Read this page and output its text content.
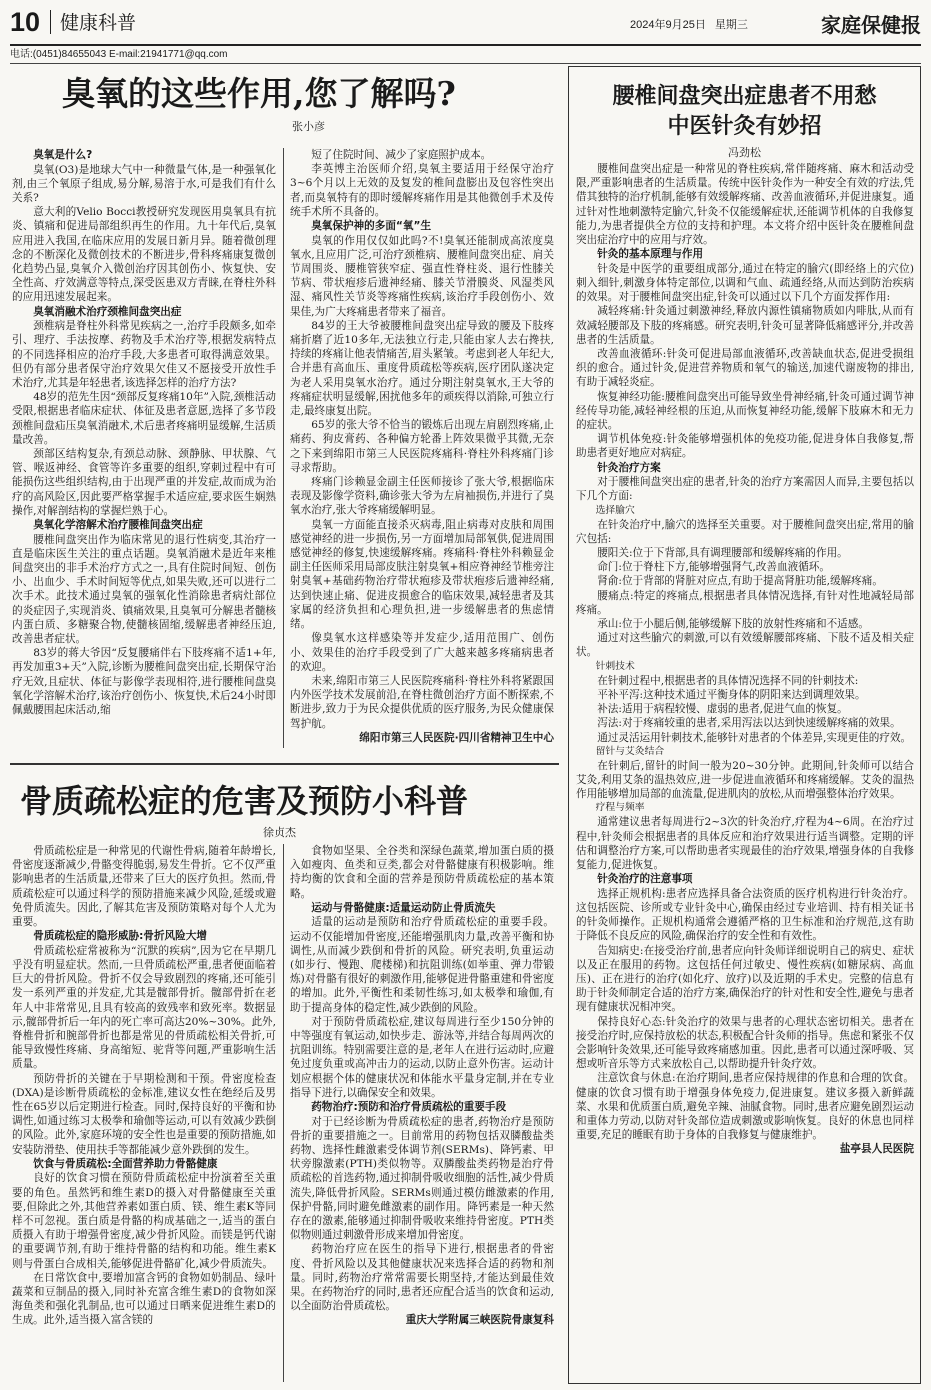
10 健康科普	2024年9月25日 星期三	家庭保健报
电话:(0451)84655043 E-mail:21941771@qq.com
臭氧的这些作用,您了解吗?
张小彦
臭氧是什么?
臭氧(O3)是地球大气中一种微量气体,是一种强氧化剂,由三个氧原子组成,易分解,易溶于水,可是我们有什么关系?
意大利的Velio Bocci教授研究发现医用臭氧具有抗炎、镇痛和促进局部组织再生的作用。九十年代后,臭氧应用进入我国,在临床应用的发展日新月异。随着微创理念的不断深化及微创技术的不断进步,骨科疼痛康复微创化趋势凸显,臭氧介入微创治疗因其创伤小、恢复快、安全性高、疗效满意等特点,深受医患双方青睐,在脊柱外科的应用迅速发展起来。
臭氧消融术治疗颈椎间盘突出症
颈椎病是脊柱外科常见疾病之一,治疗手段颇多,如牵引、理疗、手法按摩、药物及手术治疗等,根据发病特点的不同选择相应的治疗手段,大多患者可取得满意效果。但仍有部分患者保守治疗效果欠佳又不愿接受开放性手术治疗,尤其是年轻患者,该选择怎样的治疗方法?
48岁的范先生因“颈部反复疼痛10年”入院,颈椎活动受限,根据患者临床症状、体征及患者意愿,选择了多节段颈椎间盘疝压臭氧消融术,术后患者疼痛明显缓解,生活质量改善。
颈部区结构复杂,有颈总动脉、颈静脉、甲状腺、气管、喉返神经、食管等许多重要的组织,穿刺过程中有可能损伤这些组织结构,由于出现严重的并发症,故而成为治疗的高风险区,因此要严格掌握手术适应症,要求医生娴熟操作,对解剖结构的掌握烂熟于心。
臭氧化学溶解术治疗腰椎间盘突出症
腰椎间盘突出作为临床常见的退行性病变,其治疗一直是临床医生关注的重点话题。臭氧消融术是近年来椎间盘突出的非手术治疗方式之一,具有住院时间短、创伤小、出血少、手术时间短等优点,如果失败,还可以进行二次手术。此技术通过臭氧的强氧化性消除患者病灶部位的炎症因子,实现消炎、镇痛效果,且臭氧可分解患者髓核内蛋白质、多糖聚合物,使髓核固缩,缓解患者神经压迫,改善患者症状。
83岁的蒋大爷因“反复腰痛伴右下肢疼痛不适1+年,再发加重3+天”入院,诊断为腰椎间盘突出症,长期保守治疗无效,且症状、体征与影像学表现相符,进行腰椎间盘臭氧化学溶解术治疗,该治疗创伤小、恢复快,术后24小时即佩戴腰围起床活动,缩
短了住院时间、减少了家庭照护成本。
李英博主治医师介绍,臭氧主要适用于经保守治疗3~6个月以上无效的及复发的椎间盘膨出及包容性突出者,而臭氧特有的即时缓解疼痛作用是其他微创手术及传统手术所不具备的。
臭氧保护神的多面“氧”生
臭氧的作用仅仅如此吗?不!臭氧还能制成高浓度臭氧水,且应用广泛,可治疗颈椎病、腰椎间盘突出症、肩关节周围炎、腰椎管狭窄症、强直性脊柱炎、退行性膝关节病、带状疱疹后遗神经痛、膝关节滑膜炎、风湿类风湿、痛风性关节炎等疼痛性疾病,该治疗手段创伤小、效果佳,为广大疼痛患者带来了福音。
84岁的王大爷被腰椎间盘突出症导致的腰及下肢疼痛折磨了近10多年,无法独立行走,只能由家人去右搀扶,持续的疼痛让他表情痛苦,眉头紧皱。考虑到老人年纪大,合并患有高血压、重度骨质疏松等疾病,医疗团队遂决定为老人采用臭氧水治疗。通过分期注射臭氧水,王大爷的疼痛症状明显缓解,困扰他多年的顽疾得以消除,可独立行走,最终康复出院。
65岁的张大爷不恰当的锻炼后出现左肩剧烈疼痛,止痛药、狗皮膏药、各种偏方轮番上阵效果微乎其微,无奈之下来到绵阳市第三人民医院疼痛科·脊柱外科疼痛门诊寻求帮助。
疼痛门诊赖显金副主任医师接诊了张大爷,根据临床表现及影像学资料,确诊张大爷为左肩袖损伤,并进行了臭氧水治疗,张大爷疼痛缓解明显。
臭氧一方面能直接杀灭病毒,阻止病毒对皮肤和周围感觉神经的进一步损伤,另一方面增加局部氧供,促进周围感觉神经的修复,快速缓解疼痛。疼痛科·脊柱外科赖显金副主任医师采用局部皮肤注射臭氧+相应脊神经节椎旁注射臭氧+基础药物治疗带状疱疹及带状疱疹后遗神经痛,达到快速止痛、促进皮损愈合的临床效果,减轻患者及其家属的经济负担和心理负担,进一步缓解患者的焦虑情绪。
像臭氧水这样感染等并发症少,适用范围广、创伤小、效果佳的治疗手段受到了广大越来越多疼痛病患者的欢迎。
未来,绵阳市第三人民医院疼痛科·脊柱外科将紧跟国内外医学技术发展前沿,在脊柱微创治疗方面不断探索,不断进步,致力于为民众提供优质的医疗服务,为民众健康保驾护航。
绵阳市第三人民医院·四川省精神卫生中心
骨质疏松症的危害及预防小科普
徐贞杰
骨质疏松症是一种常见的代谢性骨病,随着年龄增长,骨密度逐渐减少,骨骼变得脆弱,易发生骨折。它不仅严重影响患者的生活质量,还带来了巨大的医疗负担。然而,骨质疏松症可以通过科学的预防措施来减少风险,延缓或避免骨质流失。因此,了解其危害及预防策略对每个人尤为重要。
骨质疏松症的隐形威胁:骨折风险大增
骨质疏松症常被称为“沉默的疾病”,因为它在早期几乎没有明显症状。然而,一旦骨质疏松严重,患者便面临着巨大的骨折风险。骨折不仅会导致剧烈的疼痛,还可能引发一系列严重的并发症,尤其是髋部骨折。髋部骨折在老年人中非常常见,且具有较高的致残率和致死率。数据显示,髋部骨折后一年内的死亡率可高达20%~30%。此外,脊椎骨折和腕部骨折也都是常见的骨质疏松相关骨折,可能导致慢性疼痛、身高缩短、驼背等问题,严重影响生活质量。
预防骨折的关键在于早期检测和干预。骨密度检查(DXA)是诊断骨质疏松的金标准,建议女性在绝经后及男性在65岁以后定期进行检查。同时,保持良好的平衡和协调性,如通过练习太极拳和瑜伽等运动,可以有效减少跌倒的风险。此外,家庭环境的安全性也是重要的预防措施,如安装防滑垫、使用扶手等都能减少意外跌倒的发生。
饮食与骨质疏松:全面营养助力骨骼健康
良好的饮食习惯在预防骨质疏松症中扮演着至关重要的角色。虽然钙和维生素D的摄入对骨骼健康至关重要,但除此之外,其他营养素如蛋白质、镁、维生素K等同样不可忽视。蛋白质是骨骼的构成基础之一,适当的蛋白质摄入有助于增强骨密度,减少骨折风险。而镁是钙代谢的重要调节剂,有助于维持骨骼的结构和功能。维生素K则与骨蛋白合成相关,能够促进骨骼矿化,减少骨质流失。
在日常饮食中,要增加富含钙的食物如奶制品、绿叶蔬菜和豆制品的摄入,同时补充富含维生素D的食物如深海鱼类和强化乳制品,也可以通过日晒来促进维生素D的生成。此外,适当摄入富含镁的
食物如坚果、全谷类和深绿色蔬菜,增加蛋白质的摄入如瘦肉、鱼类和豆类,都会对骨骼健康有积极影响。维持均衡的饮食和全面的营养是预防骨质疏松症的基本策略。
运动与骨骼健康:适量运动防止骨质流失
适量的运动是预防和治疗骨质疏松症的重要手段。运动不仅能增加骨密度,还能增强肌肉力量,改善平衡和协调性,从而减少跌倒和骨折的风险。研究表明,负重运动(如步行、慢跑、爬楼梯)和抗阻训练(如举重、弹力带锻炼)对骨骼有很好的刺激作用,能够促进骨骼重建和骨密度的增加。此外,平衡性和柔韧性练习,如太极拳和瑜伽,有助于提高身体的稳定性,减少跌倒的风险。
对于预防骨质疏松症,建议每周进行至少150分钟的中等强度有氧运动,如快步走、游泳等,并结合每周两次的抗阻训练。特别需要注意的是,老年人在进行运动时,应避免过度负重或高冲击力的运动,以防止意外伤害。运动计划应根据个体的健康状况和体能水平量身定制,并在专业指导下进行,以确保安全和效果。
药物治疗:预防和治疗骨质疏松的重要手段
对于已经诊断为骨质疏松症的患者,药物治疗是预防骨折的重要措施之一。目前常用的药物包括双膦酸盐类药物、选择性雌激素受体调节剂(SERMs)、降钙素、甲状旁腺激素(PTH)类似物等。双膦酸盐类药物是治疗骨质疏松的首选药物,通过抑制骨吸收细胞的活性,减少骨质流失,降低骨折风险。SERMs则通过模仿雌激素的作用,保护骨骼,同时避免雌激素的副作用。降钙素是一种天然存在的激素,能够通过抑制骨吸收来维持骨密度。PTH类似物则通过刺激骨形成来增加骨密度。
药物治疗应在医生的指导下进行,根据患者的骨密度、骨折风险以及其他健康状况来选择合适的药物和剂量。同时,药物治疗常常需要长期坚持,才能达到最佳效果。在药物治疗的同时,患者还应配合适当的饮食和运动,以全面防治骨质疏松。
重庆大学附属三峡医院骨康复科
腰椎间盘突出症患者不用愁
中医针灸有妙招
冯劲松
腰椎间盘突出症是一种常见的脊柱疾病,常伴随疼痛、麻木和活动受限,严重影响患者的生活质量。传统中医针灸作为一种安全有效的疗法,凭借其独特的治疗机制,能够有效缓解疼痛、改善血液循环,并促进康复。通过针对性地刺激特定腧穴,针灸不仅能缓解症状,还能调节机体的自我修复能力,为患者提供全方位的支持和护理。本文将介绍中医针灸在腰椎间盘突出症治疗中的应用与疗效。
针灸的基本原理与作用
针灸是中医学的重要组成部分,通过在特定的腧穴(即经络上的穴位)刺入细针,刺激身体特定部位,以调和气血、疏通经络,从而达到防治疾病的效果。对于腰椎间盘突出症,针灸可以通过以下几个方面发挥作用:
减轻疼痛:针灸通过刺激神经,释放内源性镇痛物质如内啡肽,从而有效减轻腰部及下肢的疼痛感。研究表明,针灸可显著降低痛感评分,并改善患者的生活质量。
改善血液循环:针灸可促进局部血液循环,改善缺血状态,促进受损组织的愈合。通过针灸,促进营养物质和氧气的输送,加速代谢废物的排出,有助于减轻炎症。
恢复神经功能:腰椎间盘突出可能导致坐骨神经痛,针灸可通过调节神经传导功能,减轻神经根的压迫,从而恢复神经功能,缓解下肢麻木和无力的症状。
调节机体免疫:针灸能够增强机体的免疫功能,促进身体自我修复,帮助患者更好地应对病症。
针灸治疗方案
对于腰椎间盘突出症的患者,针灸的治疗方案需因人而异,主要包括以下几个方面:
选择腧穴
在针灸治疗中,腧穴的选择至关重要。对于腰椎间盘突出症,常用的腧穴包括:
腰阳关:位于下背部,具有调理腰部和缓解疼痛的作用。
命门:位于脊柱下方,能够增强肾气,改善血液循环。
肾俞:位于背部的肾脏对应点,有助于提高肾脏功能,缓解疼痛。
腰痛点:特定的疼痛点,根据患者具体情况选择,有针对性地减轻局部疼痛。
承山:位于小腿后侧,能够缓解下肢的放射性疼痛和不适感。
通过对这些腧穴的刺激,可以有效缓解腰部疼痛、下肢不适及相关症状。
针刺技术
在针刺过程中,根据患者的具体情况选择不同的针刺技术:
平补平泻:这种技术通过平衡身体的阴阳来达到调理效果。
补法:适用于病程较慢、虚弱的患者,促进气血的恢复。
泻法:对于疼痛较重的患者,采用泻法以达到快速缓解疼痛的效果。
通过灵活运用针刺技术,能够针对患者的个体差异,实现更佳的疗效。
留针与艾灸结合
在针刺后,留针的时间一般为20~30分钟。此期间,针灸师可以结合艾灸,利用艾条的温热效应,进一步促进血液循环和疼痛缓解。艾灸的温热作用能够增加局部的血流量,促进肌肉的放松,从而增强整体治疗效果。
疗程与频率
通常建议患者每周进行2~3次的针灸治疗,疗程为4~6周。在治疗过程中,针灸师会根据患者的具体反应和治疗效果进行适当调整。定期的评估和调整治疗方案,可以帮助患者实现最佳的治疗效果,增强身体的自我修复能力,促进恢复。
针灸治疗的注意事项
选择正规机构:患者应选择具备合法资质的医疗机构进行针灸治疗。这包括医院、诊所或专业针灸中心,确保由经过专业培训、持有相关证书的针灸师操作。正规机构通常会遵循严格的卫生标准和治疗规范,这有助于降低不良反应的风险,确保治疗的安全性和有效性。
告知病史:在接受治疗前,患者应向针灸师详细说明自己的病史、症状以及正在服用的药物。这包括任何过敏史、慢性疾病(如糖尿病、高血压)、正在进行的治疗(如化疗、放疗)以及近期的手术史。完整的信息有助于针灸师制定合适的治疗方案,确保治疗的针对性和安全性,避免与患者现有健康状况相冲突。
保持良好心态:针灸治疗的效果与患者的心理状态密切相关。患者在接受治疗时,应保持放松的状态,积极配合针灸师的指导。焦虑和紧张不仅会影响针灸效果,还可能导致疼痛感加重。因此,患者可以通过深呼吸、冥想或听音乐等方式来放松自己,以帮助提升针灸疗效。
注意饮食与休息:在治疗期间,患者应保持规律的作息和合理的饮食。健康的饮食习惯有助于增强身体免疫力,促进康复。建议多摄入新鲜蔬菜、水果和优质蛋白质,避免辛辣、油腻食物。同时,患者应避免剧烈运动和重体力劳动,以防对针灸部位造成刺激或影响恢复。良好的休息也同样重要,充足的睡眠有助于身体的自我修复与健康维护。
盐亭县人民医院
